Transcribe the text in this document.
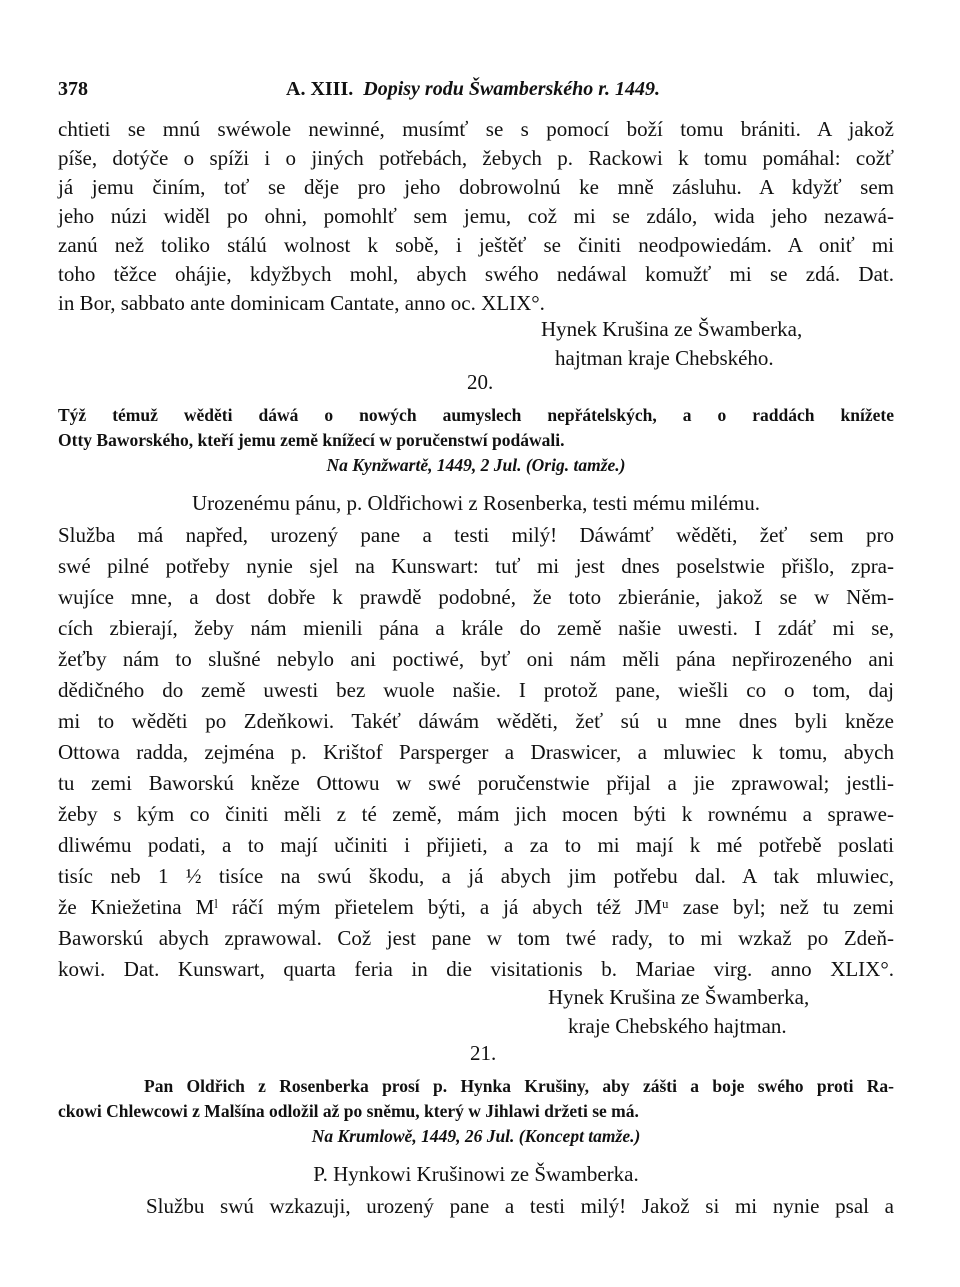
378	A. XIII. Dopisy rodu Šwamberského r. 1449.
chtieti se mnú swéwole newinné, musímť se s pomocí boží tomu brániti. A jakož
píše, dotýče o spíži i o jiných potřebách, žebych p. Rackowi k tomu pomáhal: cožť
já jemu činím, toť se děje pro jeho dobrowolnú ke mně zásluhu. A kdyžť sem
jeho núzi widěl po ohni, pomohlť sem jemu, což mi se zdálo, wida jeho nezawá-
zanú než toliko stálú wolnost k sobě, i ještěť se činiti neodpowiedám. A oniť mi
toho těžce ohájie, kdyžbych mohl, abych swého nedáwal komužť mi se zdá. Dat.
in Bor, sabbato ante dominicam Cantate, anno oc. XLIX°.
Hynek Krušina ze Šwamberka,
hajtman kraje Chebského.
20.
Týž témuž wěděti dáwá o nowých aumyslech nepřátelských, a o raddách knížete
Otty Baworského, kteří jemu země knížecí w poručenstwí podáwali.
Na Kynžwartě, 1449, 2 Jul. (Orig. tamže.)
Urozenému pánu, p. Oldřichowi z Rosenberka, testi mému milému.
Služba má napřed, urozený pane a testi milý! Dáwámť wěděti, žeť sem pro
swé pilné potřeby nynie sjel na Kunswart: tuť mi jest dnes poselstwie přišlo, zpra-
wujíce mne, a dost dobře k prawdě podobné, že toto zbieránie, jakož se w Něm-
cích zbierají, žeby nám mienili pána a krále do země našie uwesti. I zdáť mi se,
žeťby nám to slušné nebylo ani poctiwé, byť oni nám měli pána nepřirozeného ani
dědičného do země uwesti bez wuole našie. I protož pane, wiešli co o tom, daj
mi to wěděti po Zdeňkowi. Takéť dáwám wěděti, žeť sú u mne dnes byli kněze
Ottowa radda, zejména p. Krištof Parsperger a Draswicer, a mluwiec k tomu, abych
tu zemi Baworskú kněze Ottowu w swé poručenstwie přijal a jie zprawowal; jestli-
žeby s kým co činiti měli z té země, mám jich mocen býti k rownému a sprawe-
dliwému podati, a to mají učiniti i přijieti, a za to mi mají k mé potřebě poslati
tisíc neb 1 ½ tisíce na swú škodu, a já abych jim potřebu dal. A tak mluwiec,
že Kniežetina Mˡ ráčí mým přietelem býti, a já abych též JMᵘ zase byl; než tu zemi
Baworskú abych zprawowal. Což jest pane w tom twé rady, to mi wzkaž po Zdeň-
kowi. Dat. Kunswart, quarta feria in die visitationis b. Mariae virg. anno XLIX°.
Hynek Krušina ze Šwamberka,
kraje Chebského hajtman.
21.
Pan Oldřich z Rosenberka prosí p. Hynka Krušiny, aby zášti a boje swého proti Ra-
ckowi Chlewcowi z Malšína odložil až po sněmu, který w Jihlawi držeti se má.
Na Krumlowě, 1449, 26 Jul. (Koncept tamže.)
P. Hynkowi Krušinowi ze Šwamberka.
Službu swú wzkazuji, urozený pane a testi milý! Jakož si mi nynie psal a
